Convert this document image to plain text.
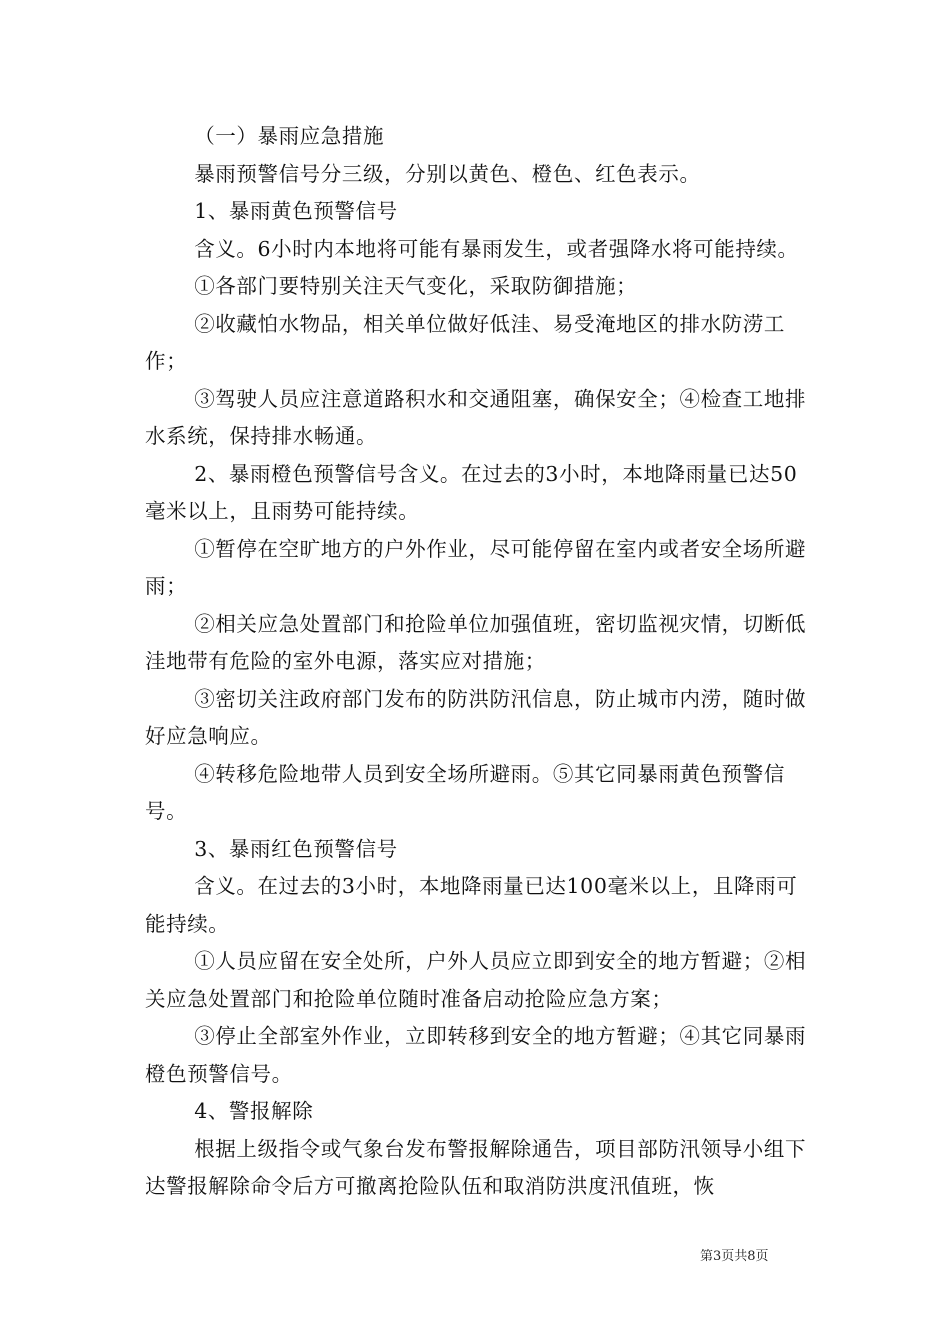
（一）暴雨应急措施

暴雨预警信号分三级，分别以黄色、橙色、红色表示。

1、暴雨黄色预警信号

含义。6小时内本地将可能有暴雨发生，或者强降水将可能持续。

①各部门要特别关注天气变化，采取防御措施；

②收藏怕水物品，相关单位做好低洼、易受淹地区的排水防涝工作；

③驾驶人员应注意道路积水和交通阻塞，确保安全；④检查工地排水系统，保持排水畅通。

2、暴雨橙色预警信号含义。在过去的3小时，本地降雨量已达50毫米以上，且雨势可能持续。

①暂停在空旷地方的户外作业，尽可能停留在室内或者安全场所避雨；

②相关应急处置部门和抢险单位加强值班，密切监视灾情，切断低洼地带有危险的室外电源，落实应对措施；

③密切关注政府部门发布的防洪防汛信息，防止城市内涝，随时做好应急响应。

④转移危险地带人员到安全场所避雨。⑤其它同暴雨黄色预警信号。

3、暴雨红色预警信号

含义。在过去的3小时，本地降雨量已达100毫米以上，且降雨可能持续。

①人员应留在安全处所，户外人员应立即到安全的地方暂避；②相关应急处置部门和抢险单位随时准备启动抢险应急方案；

③停止全部室外作业，立即转移到安全的地方暂避；④其它同暴雨橙色预警信号。

4、警报解除

根据上级指令或气象台发布警报解除通告，项目部防汛领导小组下达警报解除命令后方可撤离抢险队伍和取消防洪度汛值班，恢

第3页共8页
